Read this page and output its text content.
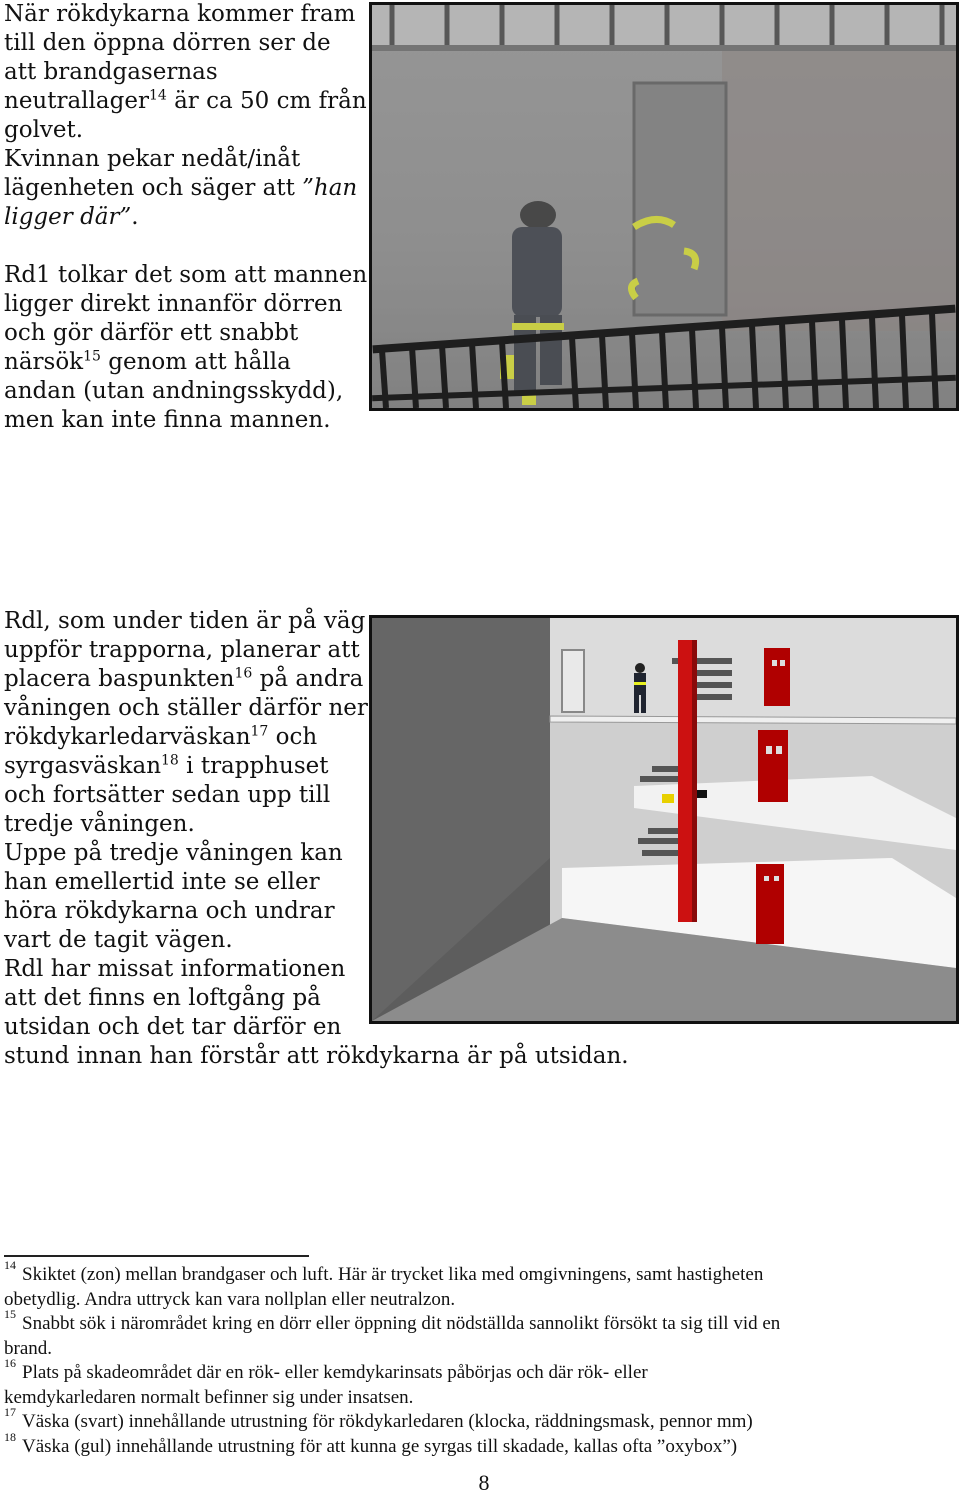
När rökdykarna kommer fram
till den öppna dörren ser de
att brandgasernas
neutrallager$^{14}$ är ca 50 cm från
golvet.
Kvinnan pekar nedåt/inåt
lägenheten och säger att ”han
ligger där”.
Rd1 tolkar det som att mannen
ligger direkt innanför dörren
och gör därför ett snabbt
närsök$^{15}$ genom att hålla
andan (utan andningsskydd),
men kan inte finna mannen.
Rdl, som under tiden är på väg
uppför trapporna, planerar att
placera baspunkten$^{16}$ på andra
våningen och ställer därför ner
rökdykarledarväskan$^{17}$ och
syrgasväskan$^{18}$ i trapphuset
och fortsätter sedan upp till
tredje våningen.
Uppe på tredje våningen kan
han emellertid inte se eller
höra rökdykarna och undrar
vart de tagit vägen.
Rdl har missat informationen
att det finns en loftgång på
utsidan och det tar därför en
stund innan han förstår att rökdykarna är på utsidan.
$^{14}$ Skiktet (zon) mellan brandgaser och luft. Här är trycket lika med omgivningens, samt hastigheten
obetydlig. Andra uttryck kan vara nollplan eller neutralzon.
$^{15}$ Snabbt sök i närområdet kring en dörr eller öppning dit nödställda sannolikt försökt ta sig till vid en
brand.
$^{16}$ Plats på skadeområdet där en rök- eller kemdykarinsats påbörjas och där rök- eller
kemdykarledaren normalt befinner sig under insatsen.
$^{17}$ Väska (svart) innehållande utrustning för rökdykarledaren (klocka, räddningsmask, pennor mm)
$^{18}$ Väska (gul) innehållande utrustning för att kunna ge syrgas till skadade, kallas ofta ”oxybox”)
8
